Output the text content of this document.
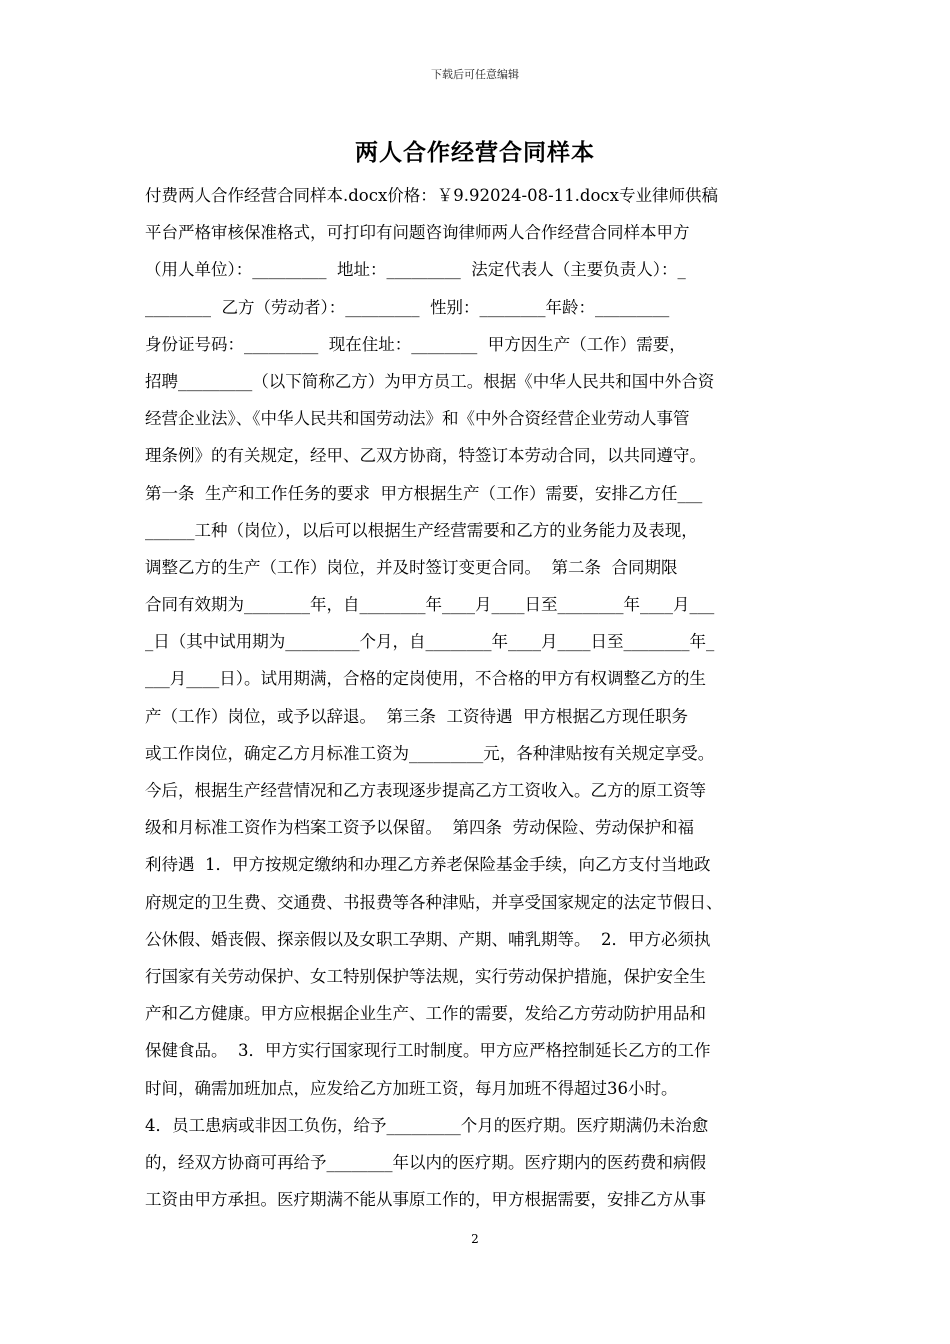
下载后可任意编辑
两人合作经营合同样本
付费两人合作经营合同样本.docx价格：￥9.92024-08-11.docx专业律师供稿
平台严格审核保准格式，可打印有问题咨询律师两人合作经营合同样本甲方
（用人单位）：_________  地址：_________  法定代表人（主要负责人）：_
________  乙方（劳动者）：_________  性别：________年龄：_________
身份证号码：_________  现在住址：________  甲方因生产（工作）需要，
招聘_________（以下简称乙方）为甲方员工。根据《中华人民共和国中外合资
经营企业法》、《中华人民共和国劳动法》和《中外合资经营企业劳动人事管
理条例》的有关规定，经甲、乙双方协商，特签订本劳动合同，以共同遵守。
第一条  生产和工作任务的要求  甲方根据生产（工作）需要，安排乙方任___
______工种（岗位），以后可以根据生产经营需要和乙方的业务能力及表现，
调整乙方的生产（工作）岗位，并及时签订变更合同。  第二条  合同期限
合同有效期为________年，自________年____月____日至________年____月___
_日（其中试用期为_________个月，自________年____月____日至________年_
___月____日）。试用期满，合格的定岗使用，不合格的甲方有权调整乙方的生
产（工作）岗位，或予以辞退。  第三条  工资待遇  甲方根据乙方现任职务
或工作岗位，确定乙方月标准工资为_________元，各种津贴按有关规定享受。
今后，根据生产经营情况和乙方表现逐步提高乙方工资收入。乙方的原工资等
级和月标准工资作为档案工资予以保留。  第四条  劳动保险、劳动保护和福
利待遇  1．甲方按规定缴纳和办理乙方养老保险基金手续，向乙方支付当地政
府规定的卫生费、交通费、书报费等各种津贴，并享受国家规定的法定节假日、
公休假、婚丧假、探亲假以及女职工孕期、产期、哺乳期等。  2．甲方必须执
行国家有关劳动保护、女工特别保护等法规，实行劳动保护措施，保护安全生
产和乙方健康。甲方应根据企业生产、工作的需要，发给乙方劳动防护用品和
保健食品。  3．甲方实行国家现行工时制度。甲方应严格控制延长乙方的工作
时间，确需加班加点，应发给乙方加班工资，每月加班不得超过36小时。
4．员工患病或非因工负伤，给予_________个月的医疗期。医疗期满仍未治愈
的，经双方协商可再给予________年以内的医疗期。医疗期内的医药费和病假
工资由甲方承担。医疗期满不能从事原工作的，甲方根据需要，安排乙方从事
2
